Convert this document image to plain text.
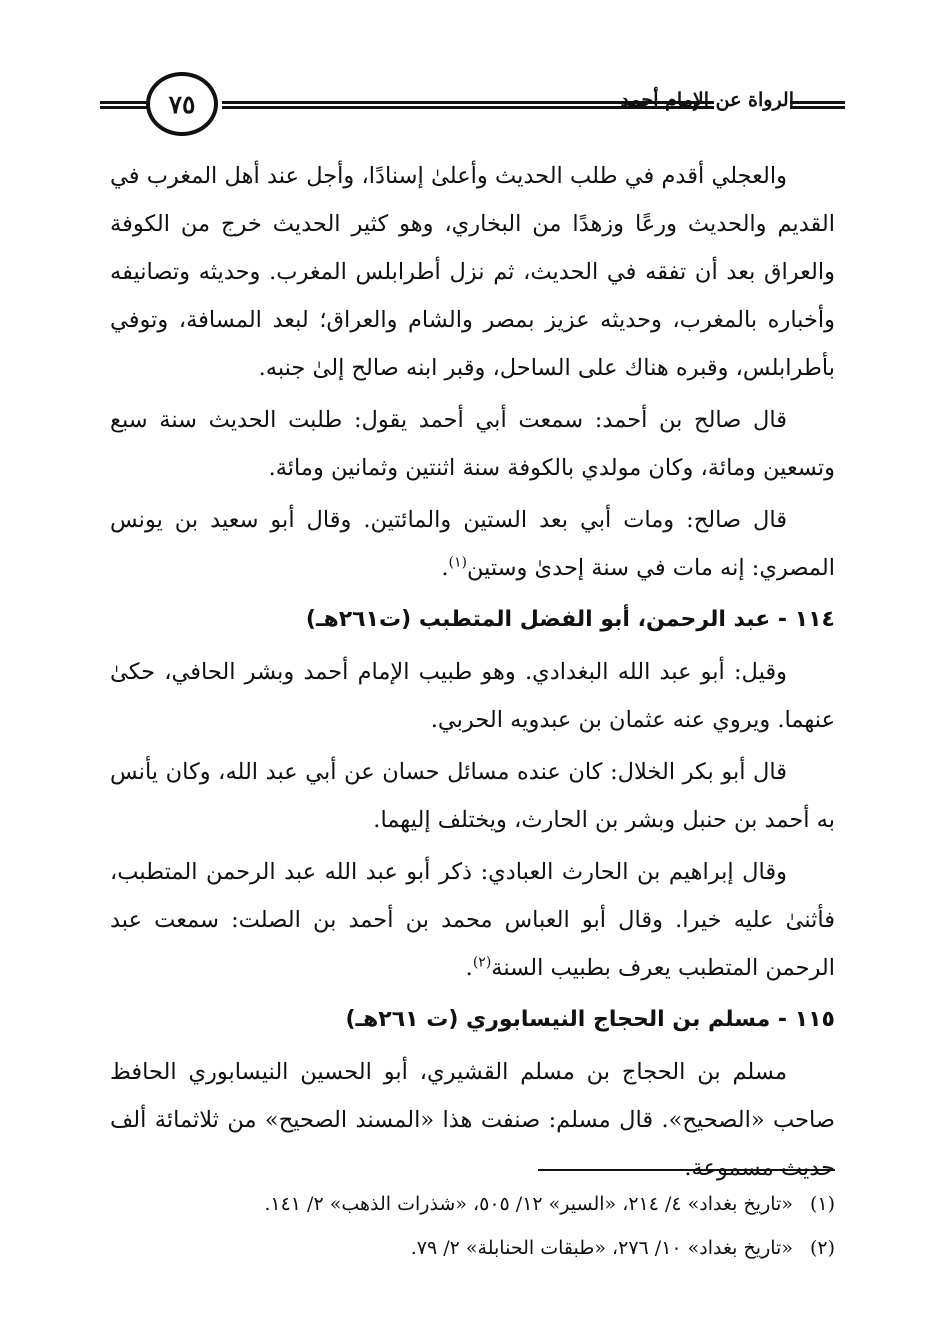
٧٥	الرواة عن الإمام أحمد

والعجلي أقدم في طلب الحديث وأعلىٰ إسنادًا، وأجل عند أهل المغرب في القديم والحديث ورعًا وزهدًا من البخاري، وهو كثير الحديث خرج من الكوفة والعراق بعد أن تفقه في الحديث، ثم نزل أطرابلس المغرب. وحديثه وتصانيفه وأخباره بالمغرب، وحديثه عزيز بمصر والشام والعراق؛ لبعد المسافة، وتوفي بأطرابلس، وقبره هناك على الساحل، وقبر ابنه صالح إلىٰ جنبه.

قال صالح بن أحمد: سمعت أبي أحمد يقول: طلبت الحديث سنة سبع وتسعين ومائة، وكان مولدي بالكوفة سنة اثنتين وثمانين ومائة.

قال صالح: ومات أبي بعد الستين والمائتين. وقال أبو سعيد بن يونس المصري: إنه مات في سنة إحدىٰ وستين$^{(١)}$.

١١٤ - عبد الرحمن، أبو الفضل المتطبب (ت٢٦١هـ)

وقيل: أبو عبد الله البغدادي. وهو طبيب الإمام أحمد وبشر الحافي، حكىٰ عنهما. ويروي عنه عثمان بن عبدويه الحربي.

قال أبو بكر الخلال: كان عنده مسائل حسان عن أبي عبد الله، وكان يأنس به أحمد بن حنبل وبشر بن الحارث، ويختلف إليهما.

وقال إبراهيم بن الحارث العبادي: ذكر أبو عبد الله عبد الرحمن المتطبب، فأثنىٰ عليه خيرا. وقال أبو العباس محمد بن أحمد بن الصلت: سمعت عبد الرحمن المتطبب يعرف بطبيب السنة$^{(٢)}$.

١١٥ - مسلم بن الحجاج النيسابوري (ت ٢٦١هـ)

مسلم بن الحجاج بن مسلم القشيري، أبو الحسين النيسابوري الحافظ صاحب «الصحيح». قال مسلم: صنفت هذا «المسند الصحيح» من ثلاثمائة ألف حديث مسموعة.

(١) «تاريخ بغداد» ٤/ ٢١٤، «السير» ١٢/ ٥٠٥، «شذرات الذهب» ٢/ ١٤١.

(٢) «تاريخ بغداد» ١٠/ ٢٧٦، «طبقات الحنابلة» ٢/ ٧٩.
